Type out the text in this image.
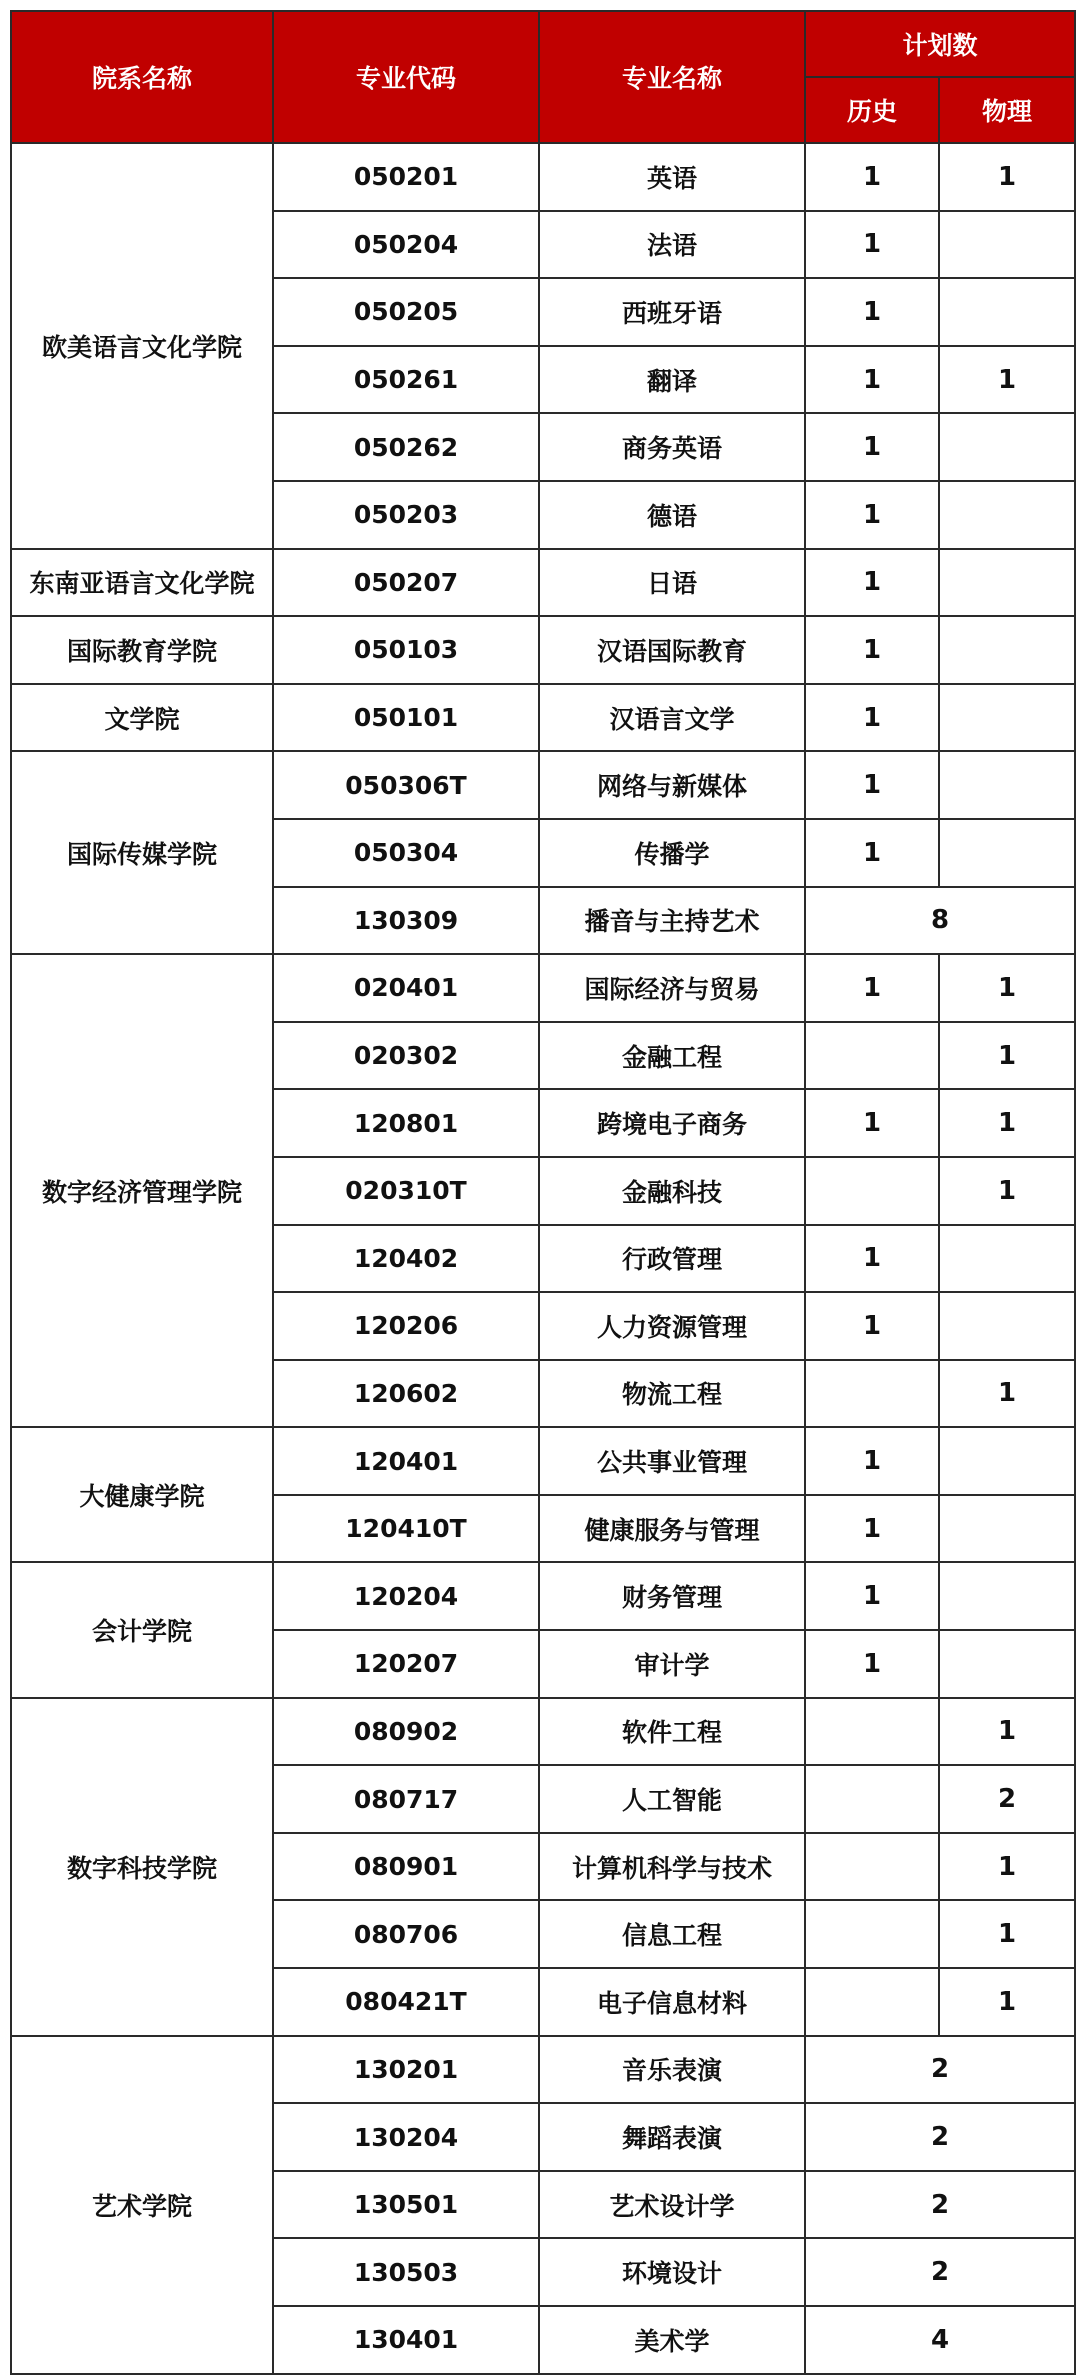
院系名称	专业代码	专业名称	计划数	
			历史	物理
欧美语言文化学院	050201	英语	1	1
	050204	法语	1	
	050205	西班牙语	1	
	050261	翻译	1	1
	050262	商务英语	1	
	050203	德语	1	
东南亚语言文化学院	050207	日语	1	
国际教育学院	050103	汉语国际教育	1	
文学院	050101	汉语言文学	1	
国际传媒学院	050306T	网络与新媒体	1	
	050304	传播学	1	
	130309	播音与主持艺术	8	
数字经济管理学院	020401	国际经济与贸易	1	1
	020302	金融工程		1
	120801	跨境电子商务	1	1
	020310T	金融科技		1
	120402	行政管理	1	
	120206	人力资源管理	1	
	120602	物流工程		1
大健康学院	120401	公共事业管理	1	
	120410T	健康服务与管理	1	
会计学院	120204	财务管理	1	
	120207	审计学	1	
数字科技学院	080902	软件工程		1
	080717	人工智能		2
	080901	计算机科学与技术		1
	080706	信息工程		1
	080421T	电子信息材料		1
艺术学院	130201	音乐表演	2	
	130204	舞蹈表演	2	
	130501	艺术设计学	2	
	130503	环境设计	2	
	130401	美术学	4	
